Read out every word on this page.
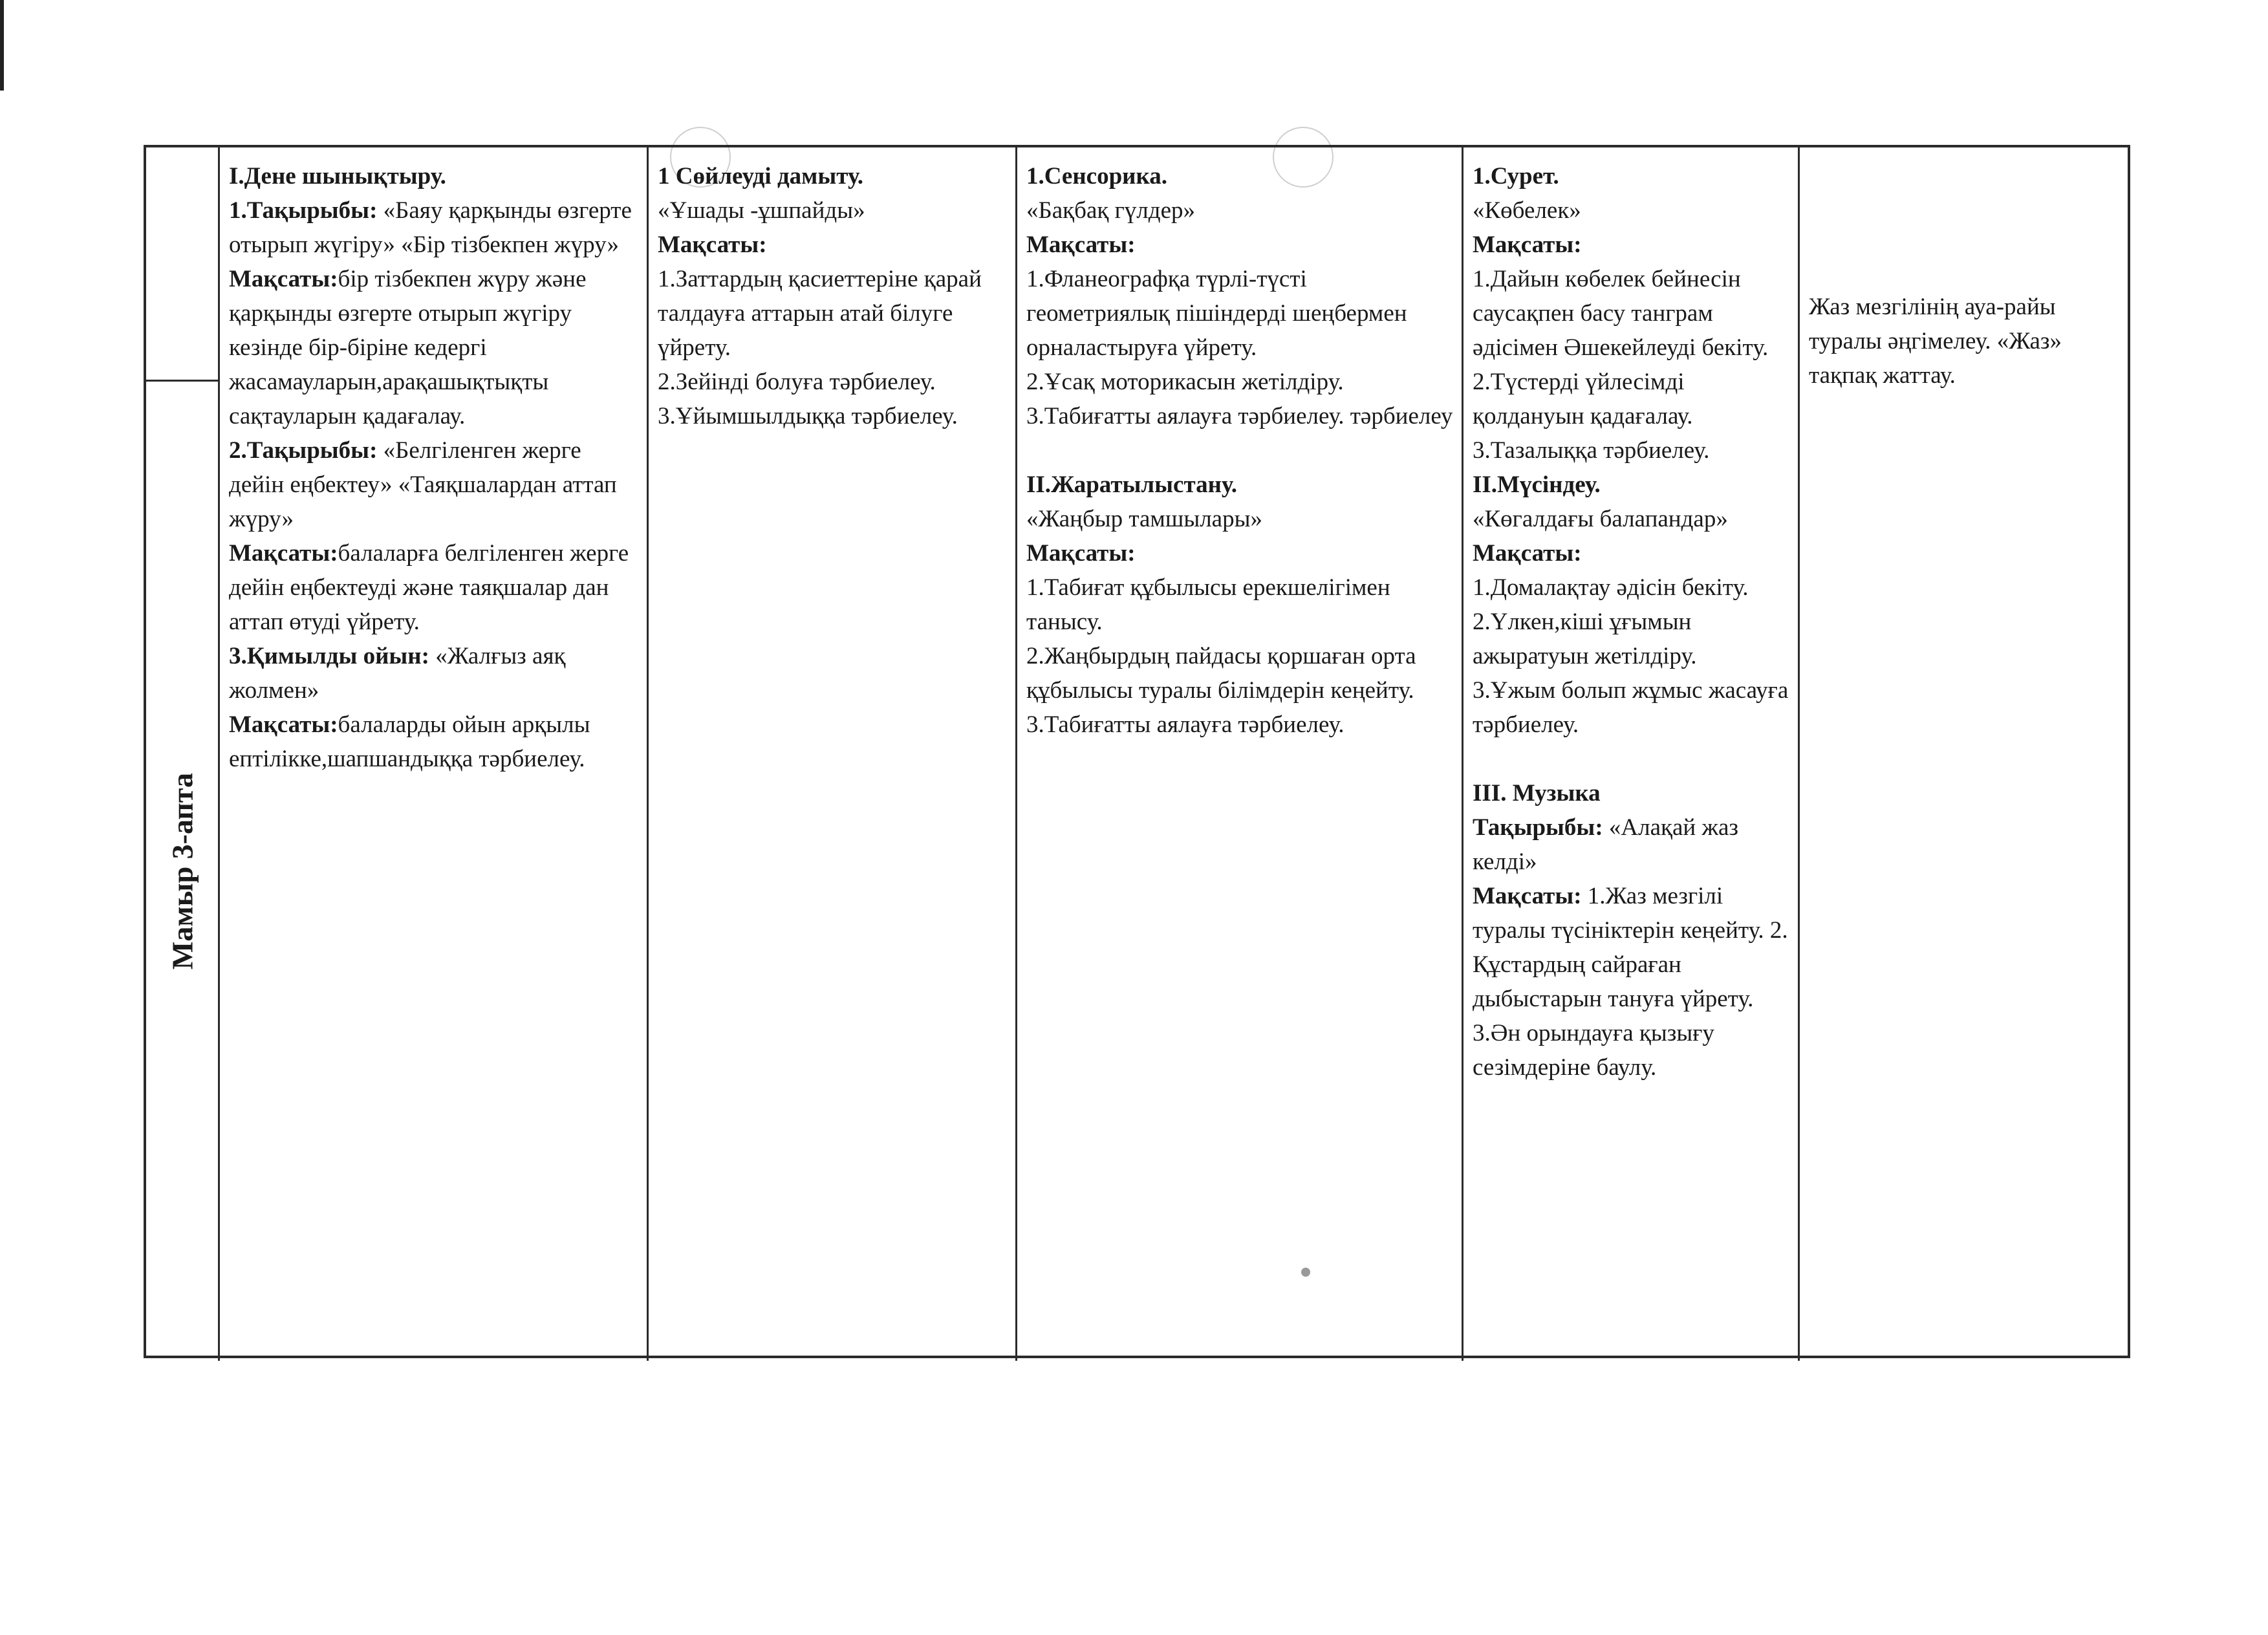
Мамыр 3-апта

I.Дене шынықтыру.

1.Тақырыбы: «Баяу қарқынды өзгерте отырып жүгіру» «Бір тізбекпен жүру»

Мақсаты:бір тізбекпен жүру және қарқынды өзгерте отырып жүгіру кезінде бір-біріне кедергі жасамауларын,арақашықтықты сақтауларын қадағалау.

2.Тақырыбы: «Белгіленген жерге дейін еңбектеу» «Таяқшалардан аттап жүру»

Мақсаты:балаларға белгіленген жерге дейін еңбектеуді және таяқшалар дан аттап өтуді үйрету.

3.Қимылды ойын: «Жалғыз аяқ жолмен»

Мақсаты:балаларды ойын арқылы ептілікке,шапшандыққа тәрбиелеу.

1 Сөйлеуді дамыту.

«Ұшады -ұшпайды»

Мақсаты:

1.Заттардың қасиеттеріне қарай талдауға аттарын атай білуге үйрету.

2.Зейінді болуға тәрбиелеу.

3.Ұйымшылдыққа тәрбиелеу.

1.Сенсорика.

«Бақбақ гүлдер»

Мақсаты:

1.Фланеографқа түрлі-түсті геометриялық пішіндерді шеңбермен орналастыруға үйрету.

2.Ұсақ моторикасын жетілдіру.

3.Табиғатты аялауға тәрбиелеу. тәрбиелеу

II.Жаратылыстану.

«Жаңбыр тамшылары»

Мақсаты:

1.Табиғат құбылысы ерекшелігімен танысу.

2.Жаңбырдың пайдасы қоршаған орта құбылысы туралы білімдерін кеңейту.

3.Табиғатты аялауға тәрбиелеу.

1.Сурет.

«Көбелек»

Мақсаты:

1.Дайын көбелек бейнесін саусақпен басу танграм әдісімен Әшекейлеуді бекіту.

2.Түстерді үйлесімді қолдануын қадағалау.

3.Тазалыққа тәрбиелеу.

II.Мүсіндеу.

«Көгалдағы балапандар»

Мақсаты:

1.Домалақтау әдісін бекіту.

2.Үлкен,кіші ұғымын ажыратуын жетілдіру.

3.Ұжым болып жұмыс жасауға тәрбиелеу.

III. Музыка

Тақырыбы: «Алақай жаз келді»

Мақсаты: 1.Жаз мезгілі туралы түсініктерін кеңейту. 2. Құстардың сайраған дыбыстарын тануға үйрету. 3.Ән орындауға қызығу сезімдеріне баулу.

Жаз мезгілінің ауа-райы туралы әңгімелеу. «Жаз» тақпақ жаттау.
